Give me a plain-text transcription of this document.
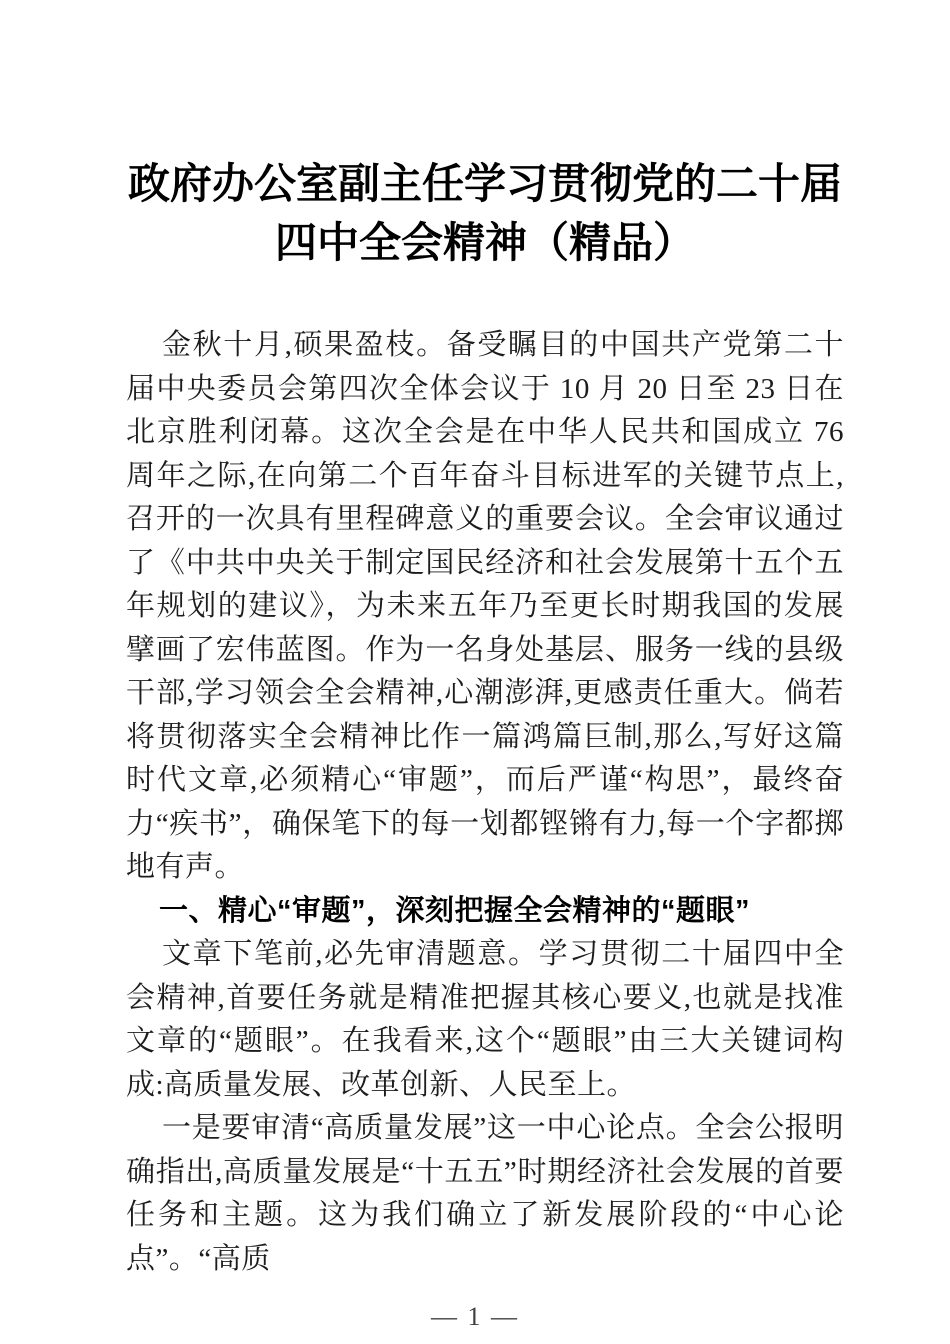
政府办公室副主任学习贯彻党的二十届
四中全会精神（精品）

金秋十月,硕果盈枝。备受瞩目的中国共产党第二十届中央委员会第四次全体会议于 10 月 20 日至 23 日在北京胜利闭幕。这次全会是在中华人民共和国成立 76 周年之际,在向第二个百年奋斗目标进军的关键节点上,召开的一次具有里程碑意义的重要会议。全会审议通过了《中共中央关于制定国民经济和社会发展第十五个五年规划的建议》，为未来五年乃至更长时期我国的发展擘画了宏伟蓝图。作为一名身处基层、服务一线的县级干部,学习领会全会精神,心潮澎湃,更感责任重大。倘若将贯彻落实全会精神比作一篇鸿篇巨制,那么,写好这篇时代文章,必须精心“审题”，而后严谨“构思”，最终奋力“疾书”，确保笔下的每一划都铿锵有力,每一个字都掷地有声。

一、精心“审题”，深刻把握全会精神的“题眼”

文章下笔前,必先审清题意。学习贯彻二十届四中全会精神,首要任务就是精准把握其核心要义,也就是找准文章的“题眼”。在我看来,这个“题眼”由三大关键词构成:高质量发展、改革创新、人民至上。

一是要审清“高质量发展”这一中心论点。全会公报明确指出,高质量发展是“十五五”时期经济社会发展的首要任务和主题。这为我们确立了新发展阶段的“中心论点”。“高质

— 1 —
